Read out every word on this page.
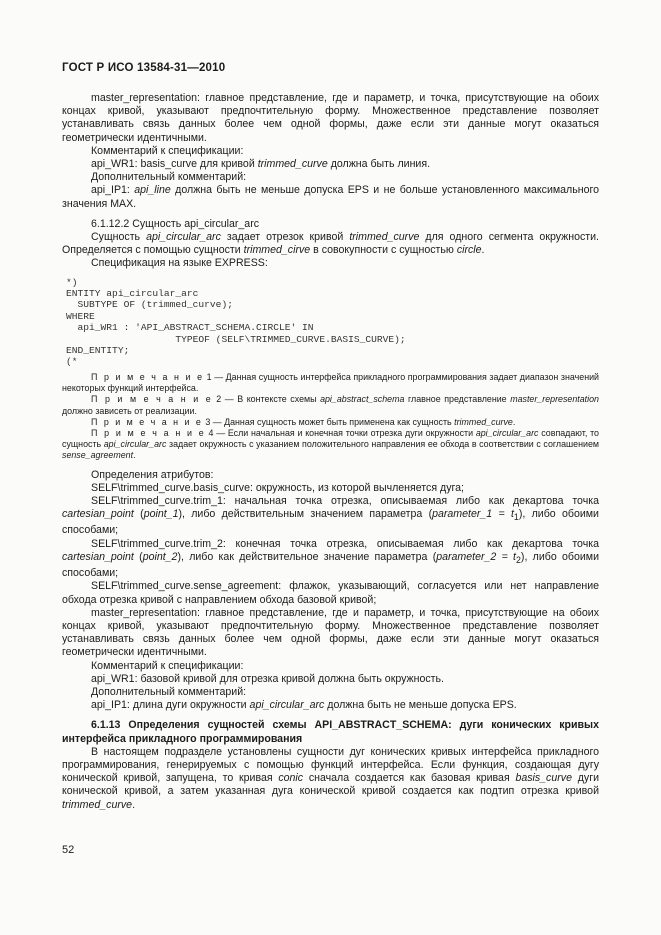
ГОСТ Р ИСО 13584-31—2010

master_representation: главное представление, где и параметр, и точка, присутствующие на обоих концах кривой, указывают предпочтительную форму. Множественное представление позволяет устанавливать связь данных более чем одной формы, даже если эти данные могут оказаться геометрически идентичными.

Комментарий к спецификации:

api_WR1: basis_curve для кривой trimmed_curve должна быть линия.

Дополнительный комментарий:

api_IP1: api_line должна быть не меньше допуска EPS и не больше установленного максимального значения MAX.

6.1.12.2 Сущность api_circular_arc

Сущность api_circular_arc задает отрезок кривой trimmed_curve для одного сегмента окружности. Определяется с помощью сущности trimmed_cirve в совокупности с сущностью circle.

Спецификация на языке EXPRESS:

*)
ENTITY api_circular_arc
SUBTYPE OF (trimmed_curve);
WHERE
api_WR1 : 'API_ABSTRACT_SCHEMA.CIRCLE' IN
TYPEOF (SELF\TRIMMED_CURVE.BASIS_CURVE);
END_ENTITY;
(*

П р и м е ч а н и е 1 — Данная сущность интерфейса прикладного программирования задает диапазон значений некоторых функций интерфейса.

П р и м е ч а н и е 2 — В контексте схемы api_abstract_schema главное представление master_representation должно зависеть от реализации.

П р и м е ч а н и е 3 — Данная сущность может быть применена как сущность trimmed_curve.

П р и м е ч а н и е 4 — Если начальная и конечная точки отрезка дуги окружности api_circular_arc совпадают, то сущность api_circular_arc задает окружность с указанием положительного направления ее обхода в соответствии с соглашением sense_agreement.

Определения атрибутов:

SELF\trimmed_curve.basis_curve: окружность, из которой вычленяется дуга;

SELF\trimmed_curve.trim_1: начальная точка отрезка, описываемая либо как декартова точка cartesian_point (point_1), либо действительным значением параметра (parameter_1 = $t_1$), либо обоими способами;

SELF\trimmed_curve.trim_2: конечная точка отрезка, описываемая либо как декартова точка cartesian_point (point_2), либо как действительное значение параметра (parameter_2 = $t_2$), либо обоими способами;

SELF\trimmed_curve.sense_agreement: флажок, указывающий, согласуется или нет направление обхода отрезка кривой с направлением обхода базовой кривой;

master_representation: главное представление, где и параметр, и точка, присутствующие на обоих концах кривой, указывают предпочтительную форму. Множественное представление позволяет устанавливать связь данных более чем одной формы, даже если эти данные могут оказаться геометрически идентичными.

Комментарий к спецификации:

api_WR1: базовой кривой для отрезка кривой должна быть окружность.

Дополнительный комментарий:

api_IP1: длина дуги окружности api_circular_arc должна быть не меньше допуска EPS.

6.1.13 Определения сущностей схемы API_ABSTRACT_SCHEMA: дуги конических кривых интерфейса прикладного программирования

В настоящем подразделе установлены сущности дуг конических кривых интерфейса прикладного программирования, генерируемых с помощью функций интерфейса. Если функция, создающая дугу конической кривой, запущена, то кривая conic сначала создается как базовая кривая basis_curve дуги конической кривой, а затем указанная дуга конической кривой создается как подтип отрезка кривой trimmed_curve.

52
